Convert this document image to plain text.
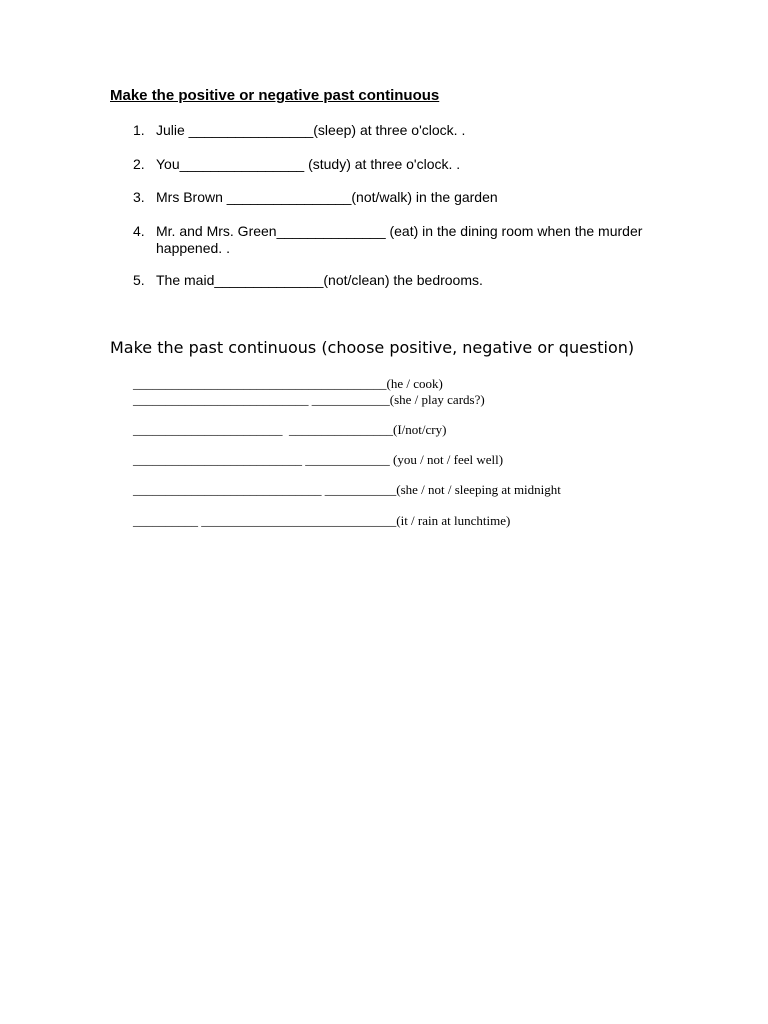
Make the positive or negative past continuous
1. Julie ________________(sleep) at three o'clock. .
2. You________________ (study) at three o'clock. .
3. Mrs Brown ________________(not/walk) in the garden
4. Mr. and Mrs. Green______________ (eat) in the dining room when the murder happened. .
5. The maid______________(not/clean) the bedrooms.
Make the past continuous (choose positive, negative or question)
_______________________________________(he / cook)
___________________________ ____________(she / play cards?)
_______________________  ________________(I/not/cry)
__________________________ _____________ (you / not / feel well)
_____________________________ ___________(she / not / sleeping at midnight
__________ ______________________________(it / rain at lunchtime)
